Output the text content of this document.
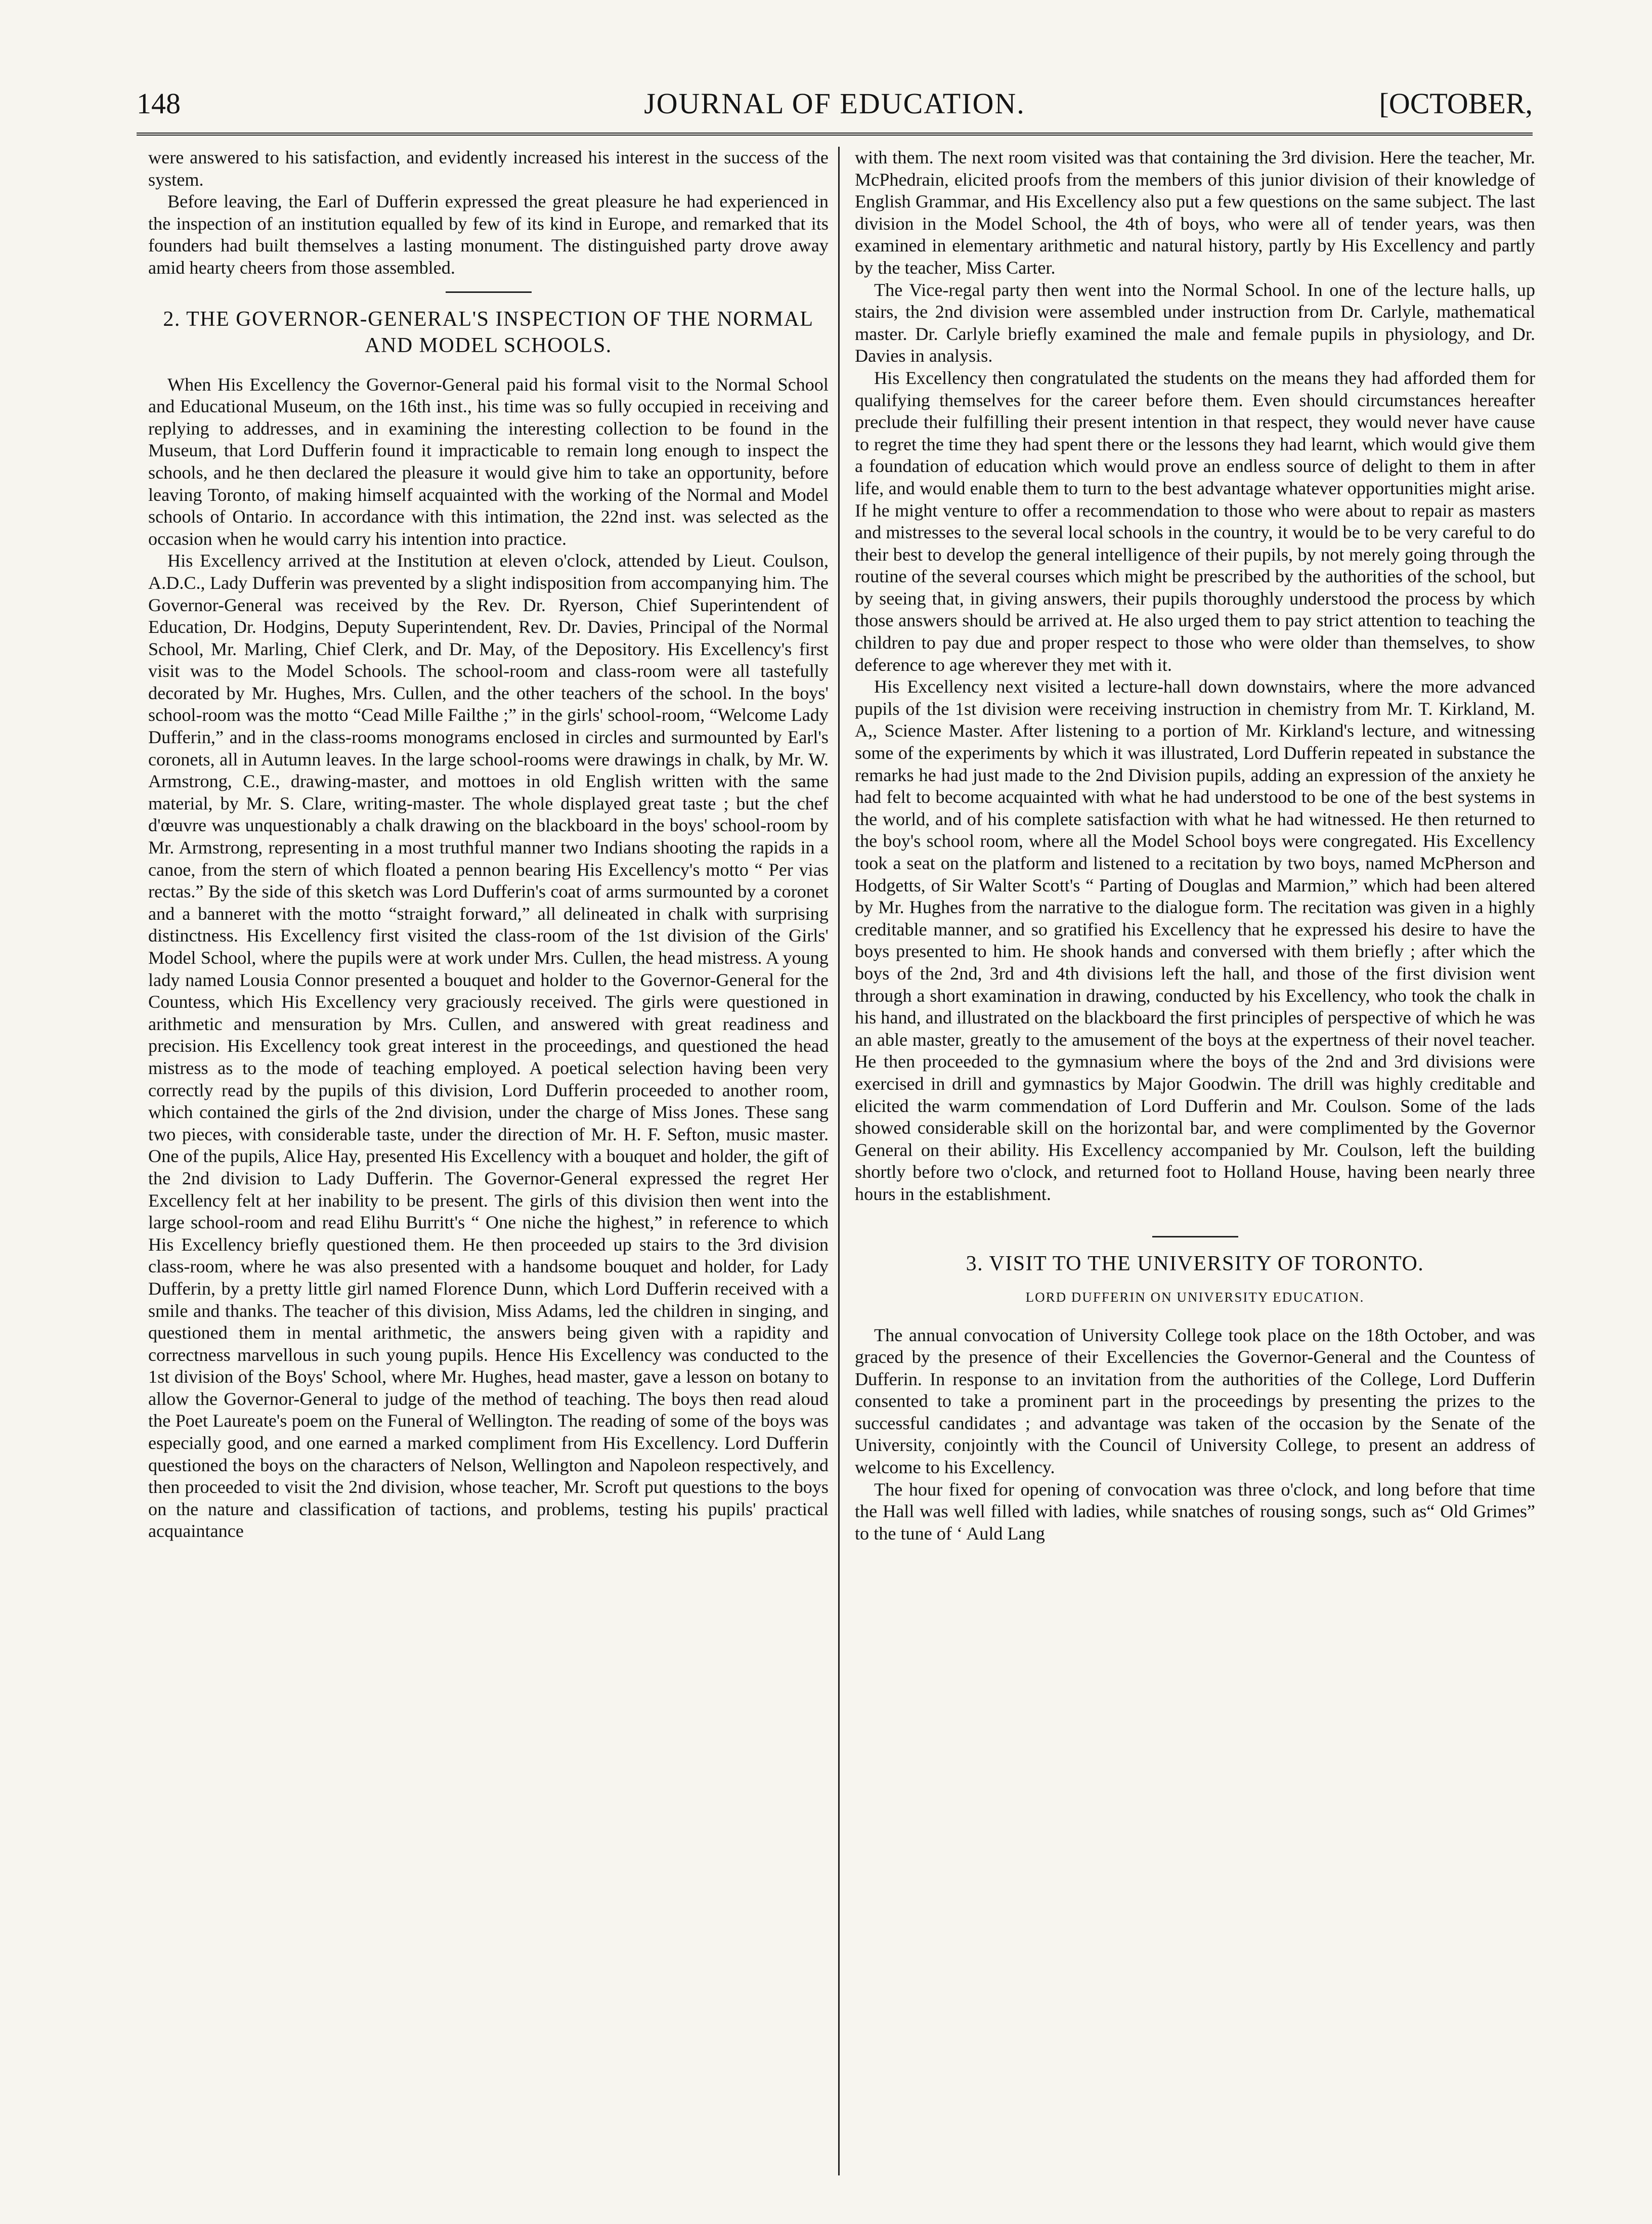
148	JOURNAL OF EDUCATION.	[OCTOBER,

were answered to his satisfaction, and evidently increased his interest in the success of the system.

Before leaving, the Earl of Dufferin expressed the great pleasure he had experienced in the inspection of an institution equalled by few of its kind in Europe, and remarked that its founders had built themselves a lasting monument. The distinguished party drove away amid hearty cheers from those assembled.

2. THE GOVERNOR-GENERAL'S INSPECTION OF THE NORMAL AND MODEL SCHOOLS.

When His Excellency the Governor-General paid his formal visit to the Normal School and Educational Museum, on the 16th inst., his time was so fully occupied in receiving and replying to addresses, and in examining the interesting collection to be found in the Museum, that Lord Dufferin found it impracticable to remain long enough to inspect the schools, and he then declared the pleasure it would give him to take an opportunity, before leaving Toronto, of making himself acquainted with the working of the Normal and Model schools of Ontario. In accordance with this intimation, the 22nd inst. was selected as the occasion when he would carry his intention into practice.

His Excellency arrived at the Institution at eleven o'clock, attended by Lieut. Coulson, A.D.C., Lady Dufferin was prevented by a slight indisposition from accompanying him. The Governor-General was received by the Rev. Dr. Ryerson, Chief Superintendent of Education, Dr. Hodgins, Deputy Superintendent, Rev. Dr. Davies, Principal of the Normal School, Mr. Marling, Chief Clerk, and Dr. May, of the Depository. His Excellency's first visit was to the Model Schools. The school-room and class-room were all tastefully decorated by Mr. Hughes, Mrs. Cullen, and the other teachers of the school. In the boys' school-room was the motto “Cead Mille Failthe ;” in the girls' school-room, “Welcome Lady Dufferin,” and in the class-rooms monograms enclosed in circles and surmounted by Earl's coronets, all in Autumn leaves. In the large school-rooms were drawings in chalk, by Mr. W. Armstrong, C.E., drawing-master, and mottoes in old English written with the same material, by Mr. S. Clare, writing-master. The whole displayed great taste ; but the chef d'œuvre was unquestionably a chalk drawing on the blackboard in the boys' school-room by Mr. Armstrong, representing in a most truthful manner two Indians shooting the rapids in a canoe, from the stern of which floated a pennon bearing His Excellency's motto “ Per vias rectas.” By the side of this sketch was Lord Dufferin's coat of arms surmounted by a coronet and a banneret with the motto “straight forward,” all delineated in chalk with surprising distinctness. His Excellency first visited the class-room of the 1st division of the Girls' Model School, where the pupils were at work under Mrs. Cullen, the head mistress. A young lady named Lousia Connor presented a bouquet and holder to the Governor-General for the Countess, which His Excellency very graciously received. The girls were questioned in arithmetic and mensuration by Mrs. Cullen, and answered with great readiness and precision. His Excellency took great interest in the proceedings, and questioned the head mistress as to the mode of teaching employed. A poetical selection having been very correctly read by the pupils of this division, Lord Dufferin proceeded to another room, which contained the girls of the 2nd division, under the charge of Miss Jones. These sang two pieces, with considerable taste, under the direction of Mr. H. F. Sefton, music master. One of the pupils, Alice Hay, presented His Excellency with a bouquet and holder, the gift of the 2nd division to Lady Dufferin. The Governor-General expressed the regret Her Excellency felt at her inability to be present. The girls of this division then went into the large school-room and read Elihu Burritt's “ One niche the highest,” in reference to which His Excellency briefly questioned them. He then proceeded up stairs to the 3rd division class-room, where he was also presented with a handsome bouquet and holder, for Lady Dufferin, by a pretty little girl named Florence Dunn, which Lord Dufferin received with a smile and thanks. The teacher of this division, Miss Adams, led the children in singing, and questioned them in mental arithmetic, the answers being given with a rapidity and correctness marvellous in such young pupils. Hence His Excellency was conducted to the 1st division of the Boys' School, where Mr. Hughes, head master, gave a lesson on botany to allow the Governor-General to judge of the method of teaching. The boys then read aloud the Poet Laureate's poem on the Funeral of Wellington. The reading of some of the boys was especially good, and one earned a marked compliment from His Excellency. Lord Dufferin questioned the boys on the characters of Nelson, Wellington and Napoleon respectively, and then proceeded to visit the 2nd division, whose teacher, Mr. Scroft put questions to the boys on the nature and classification of tactions, and problems, testing his pupils' practical acquaintance

with them. The next room visited was that containing the 3rd division. Here the teacher, Mr. McPhedrain, elicited proofs from the members of this junior division of their knowledge of English Grammar, and His Excellency also put a few questions on the same subject. The last division in the Model School, the 4th of boys, who were all of tender years, was then examined in elementary arithmetic and natural history, partly by His Excellency and partly by the teacher, Miss Carter.

The Vice-regal party then went into the Normal School. In one of the lecture halls, up stairs, the 2nd division were assembled under instruction from Dr. Carlyle, mathematical master. Dr. Carlyle briefly examined the male and female pupils in physiology, and Dr. Davies in analysis.

His Excellency then congratulated the students on the means they had afforded them for qualifying themselves for the career before them. Even should circumstances hereafter preclude their fulfilling their present intention in that respect, they would never have cause to regret the time they had spent there or the lessons they had learnt, which would give them a foundation of education which would prove an endless source of delight to them in after life, and would enable them to turn to the best advantage whatever opportunities might arise. If he might venture to offer a recommendation to those who were about to repair as masters and mistresses to the several local schools in the country, it would be to be very careful to do their best to develop the general intelligence of their pupils, by not merely going through the routine of the several courses which might be prescribed by the authorities of the school, but by seeing that, in giving answers, their pupils thoroughly understood the process by which those answers should be arrived at. He also urged them to pay strict attention to teaching the children to pay due and proper respect to those who were older than themselves, to show deference to age wherever they met with it.

His Excellency next visited a lecture-hall down downstairs, where the more advanced pupils of the 1st division were receiving instruction in chemistry from Mr. T. Kirkland, M. A,, Science Master. After listening to a portion of Mr. Kirkland's lecture, and witnessing some of the experiments by which it was illustrated, Lord Dufferin repeated in substance the remarks he had just made to the 2nd Division pupils, adding an expression of the anxiety he had felt to become acquainted with what he had understood to be one of the best systems in the world, and of his complete satisfaction with what he had witnessed. He then returned to the boy's school room, where all the Model School boys were congregated. His Excellency took a seat on the platform and listened to a recitation by two boys, named McPherson and Hodgetts, of Sir Walter Scott's “ Parting of Douglas and Marmion,” which had been altered by Mr. Hughes from the narrative to the dialogue form. The recitation was given in a highly creditable manner, and so gratified his Excellency that he expressed his desire to have the boys presented to him. He shook hands and conversed with them briefly ; after which the boys of the 2nd, 3rd and 4th divisions left the hall, and those of the first division went through a short examination in drawing, conducted by his Excellency, who took the chalk in his hand, and illustrated on the blackboard the first principles of perspective of which he was an able master, greatly to the amusement of the boys at the expertness of their novel teacher. He then proceeded to the gymnasium where the boys of the 2nd and 3rd divisions were exercised in drill and gymnastics by Major Goodwin. The drill was highly creditable and elicited the warm commendation of Lord Dufferin and Mr. Coulson. Some of the lads showed considerable skill on the horizontal bar, and were complimented by the Governor General on their ability. His Excellency accompanied by Mr. Coulson, left the building shortly before two o'clock, and returned foot to Holland House, having been nearly three hours in the establishment.

3. VISIT TO THE UNIVERSITY OF TORONTO.
LORD DUFFERIN ON UNIVERSITY EDUCATION.

The annual convocation of University College took place on the 18th October, and was graced by the presence of their Excellencies the Governor-General and the Countess of Dufferin. In response to an invitation from the authorities of the College, Lord Dufferin consented to take a prominent part in the proceedings by presenting the prizes to the successful candidates ; and advantage was taken of the occasion by the Senate of the University, conjointly with the Council of University College, to present an address of welcome to his Excellency.

The hour fixed for opening of convocation was three o'clock, and long before that time the Hall was well filled with ladies, while snatches of rousing songs, such as“ Old Grimes” to the tune of ‘ Auld Lang
